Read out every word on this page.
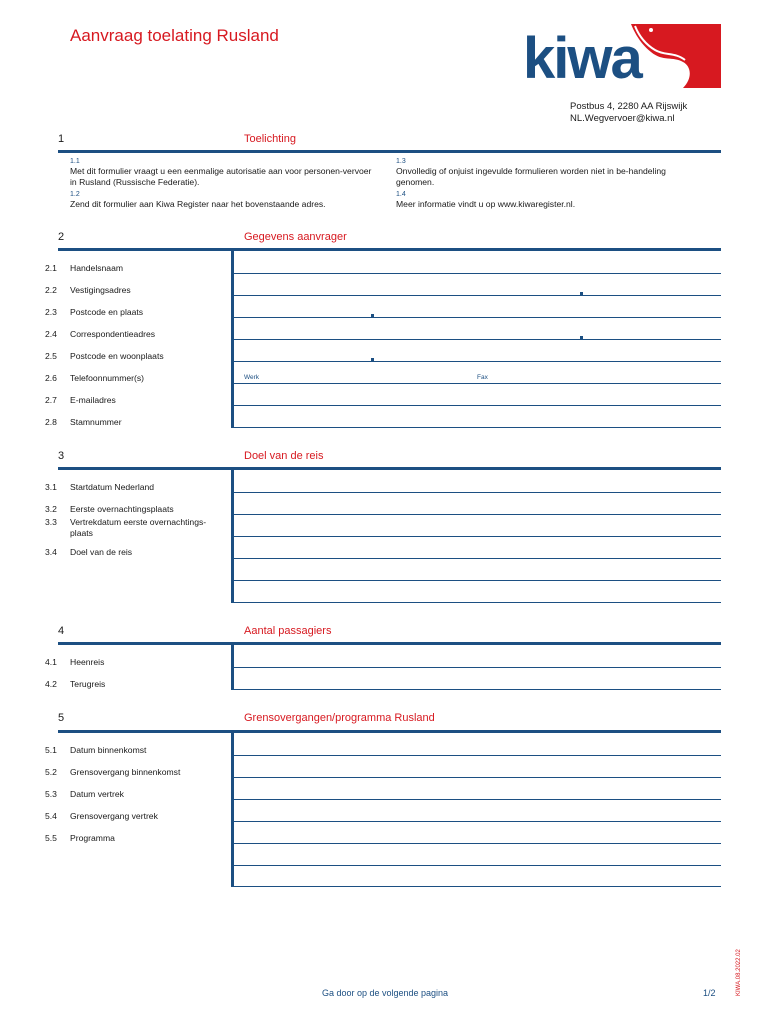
Aanvraag toelating Rusland	kiwa
Postbus 4, 2280 AA Rijswijk
NL.Wegvervoer@kiwa.nl
1	Toelichting
1.1
Met dit formulier vraagt u een eenmalige autorisatie aan voor personen-vervoer in Rusland (Russische Federatie).
1.2
Zend dit formulier aan Kiwa Register naar het bovenstaande adres.
1.3
Onvolledig of onjuist ingevulde formulieren worden niet in be-handeling genomen.
1.4
Meer informatie vindt u op www.kiwaregister.nl.
2	Gegevens aanvrager
2.1 Handelsnaam
2.2 Vestigingsadres
2.3 Postcode en plaats
2.4 Correspondentieadres
2.5 Postcode en woonplaats
2.6 Telefoonnummer(s)	Werk	Fax
2.7 E-mailadres
2.8 Stamnummer
3	Doel van de reis
3.1 Startdatum Nederland
3.2 Eerste overnachtingsplaats
3.3 Vertrekdatum eerste overnachtings-plaats
3.4 Doel van de reis
4	Aantal passagiers
4.1 Heenreis
4.2 Terugreis
5	Grensovergangen/programma Rusland
5.1 Datum binnenkomst
5.2 Grensovergang binnenkomst
5.3 Datum vertrek
5.4 Grensovergang vertrek
5.5 Programma
Ga door op de volgende pagina	1/2	KIWA.08.2022.02
